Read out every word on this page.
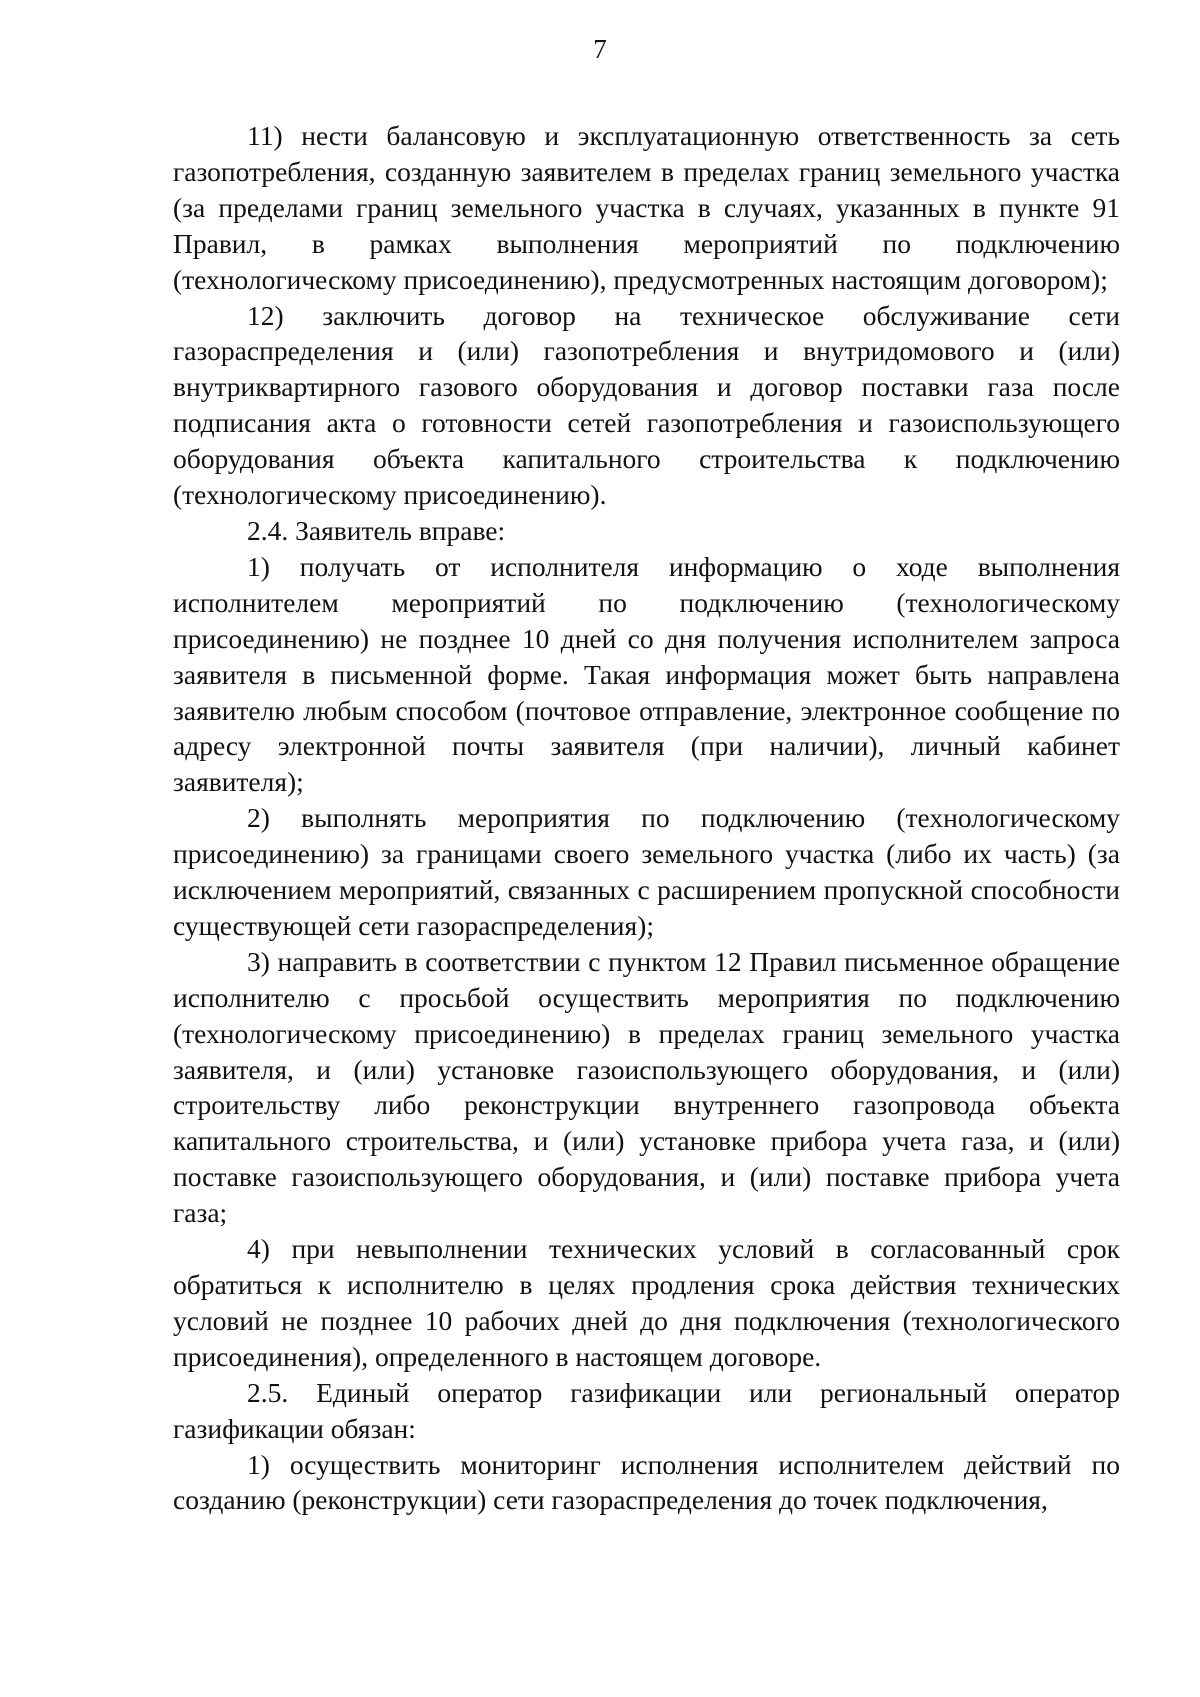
7

11) нести балансовую и эксплуатационную ответственность за сеть газопотребления, созданную заявителем в пределах границ земельного участка (за пределами границ земельного участка в случаях, указанных в пункте 91 Правил, в рамках выполнения мероприятий по подключению (технологическому присоединению), предусмотренных настоящим договором);

12) заключить договор на техническое обслуживание сети газораспределения и (или) газопотребления и внутридомового и (или) внутриквартирного газового оборудования и договор поставки газа после подписания акта о готовности сетей газопотребления и газоиспользующего оборудования объекта капитального строительства к подключению (технологическому присоединению).

2.4. Заявитель вправе:

1) получать от исполнителя информацию о ходе выполнения исполнителем мероприятий по подключению (технологическому присоединению) не позднее 10 дней со дня получения исполнителем запроса заявителя в письменной форме. Такая информация может быть направлена заявителю любым способом (почтовое отправление, электронное сообщение по адресу электронной почты заявителя (при наличии), личный кабинет заявителя);

2) выполнять мероприятия по подключению (технологическому присоединению) за границами своего земельного участка (либо их часть) (за исключением мероприятий, связанных с расширением пропускной способности существующей сети газораспределения);

3) направить в соответствии с пунктом 12 Правил письменное обращение исполнителю с просьбой осуществить мероприятия по подключению (технологическому присоединению) в пределах границ земельного участка заявителя, и (или) установке газоиспользующего оборудования, и (или) строительству либо реконструкции внутреннего газопровода объекта капитального строительства, и (или) установке прибора учета газа, и (или) поставке газоиспользующего оборудования, и (или) поставке прибора учета газа;

4) при невыполнении технических условий в согласованный срок обратиться к исполнителю в целях продления срока действия технических условий не позднее 10 рабочих дней до дня подключения (технологического присоединения), определенного в настоящем договоре.

2.5. Единый оператор газификации или региональный оператор газификации обязан:

1) осуществить мониторинг исполнения исполнителем действий по созданию (реконструкции) сети газораспределения до точек подключения,
